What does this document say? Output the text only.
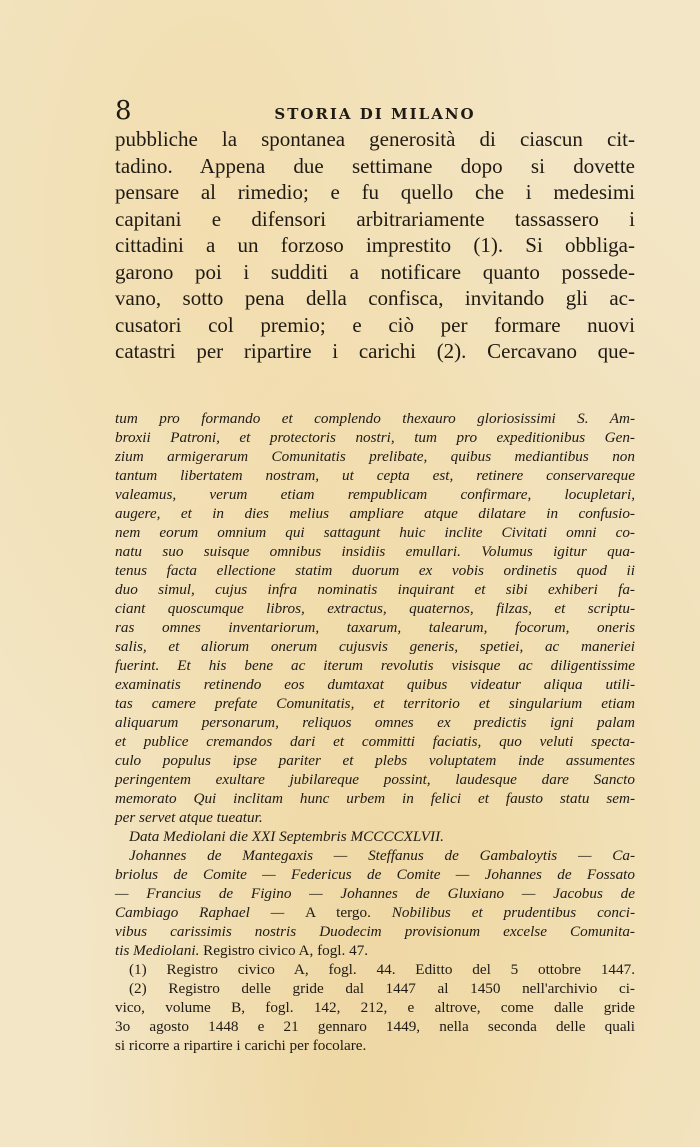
8	STORIA DI MILANO
pubbliche la spontanea generosità di ciascun cit-
tadino. Appena due settimane dopo si dovette
pensare al rimedio; e fu quello che i medesimi
capitani e difensori arbitrariamente tassassero i
cittadini a un forzoso imprestito (1). Si obbliga-
garono poi i sudditi a notificare quanto possede-
vano, sotto pena della confisca, invitando gli ac-
cusatori col premio; e ciò per formare nuovi
catastri per ripartire i carichi (2). Cercavano que-
tum pro formando et complendo thexauro gloriosissimi S. Am-
broxii Patroni, et protectoris nostri, tum pro expeditionibus Gen-
zium armigerarum Comunitatis prelibate, quibus mediantibus non
tantum libertatem nostram, ut cepta est, retinere conservareque
valeamus, verum etiam rempublicam confirmare, locupletari,
augere, et in dies melius ampliare atque dilatare in confusio-
nem eorum omnium qui sattagunt huic inclite Civitati omni co-
natu suo suisque omnibus insidiis emullari. Volumus igitur qua-
tenus facta ellectione statim duorum ex vobis ordinetis quod ii
duo simul, cujus infra nominatis inquirant et sibi exhiberi fa-
ciant quoscumque libros, extractus, quaternos, filzas, et scriptu-
ras omnes inventariorum, taxarum, talearum, focorum, oneris
salis, et aliorum onerum cujusvis generis, spetiei, ac maneriei
fuerint. Et his bene ac iterum revolutis visisque ac diligentissime
examinatis retinendo eos dumtaxat quibus videatur aliqua utili-
tas camere prefate Comunitatis, et territorio et singularium etiam
aliquarum personarum, reliquos omnes ex predictis igni palam
et publice cremandos dari et committi faciatis, quo veluti specta-
culo populus ipse pariter et plebs voluptatem inde assumentes
peringentem exultare jubilareque possint, laudesque dare Sancto
memorato Qui inclitam hunc urbem in felici et fausto statu sem-
per servet atque tueatur.
Data Mediolani die XXI Septembris MCCCCXLVII.
Johannes de Mantegaxis — Steffanus de Gambaloytis — Ca-
briolus de Comite — Federicus de Comite — Johannes de Fossato
— Francius de Figino — Johannes de Gluxiano — Jacobus de
Cambiago Raphael — A tergo. Nobilibus et prudentibus conci-
vibus carissimis nostris Duodecim provisionum excelse Comunita-
tis Mediolani. Registro civico A, fogl. 47.
(1) Registro civico A, fogl. 44. Editto del 5 ottobre 1447.
(2) Registro delle gride dal 1447 al 1450 nell'archivio ci-
vico, volume B, fogl. 142, 212, e altrove, come dalle gride
3o agosto 1448 e 21 gennaro 1449, nella seconda delle quali
si ricorre a ripartire i carichi per focolare.
